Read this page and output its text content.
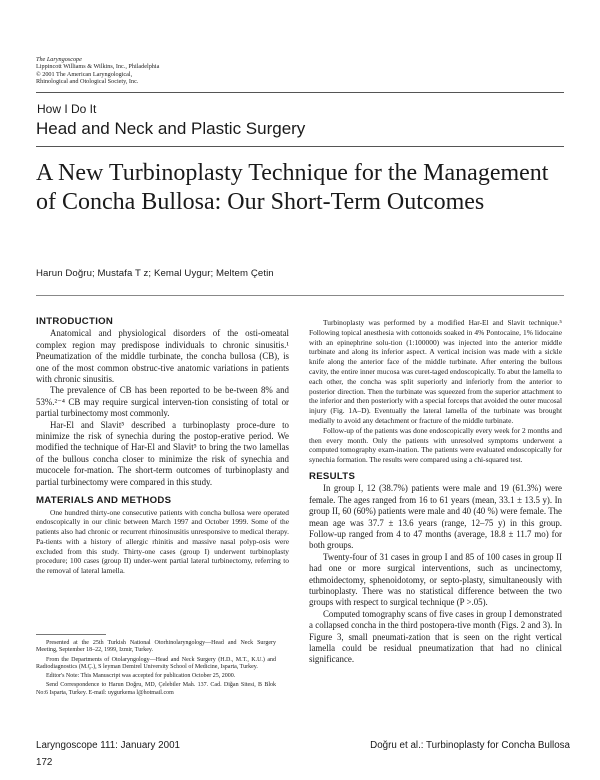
The Laryngoscope
Lippincott Williams & Wilkins, Inc., Philadelphia
© 2001 The American Laryngological,
Rhinological and Otological Society, Inc.
How I Do It
Head and Neck and Plastic Surgery
A New Turbinoplasty Technique for the Management of Concha Bullosa: Our Short-Term Outcomes
Harun Doğru; Mustafa T z; Kemal Uygur; Meltem Çetin
INTRODUCTION

Anatomical and physiological disorders of the osti-omeatal complex region may predispose individuals to chronic sinusitis.¹ Pneumatization of the middle turbinate, the concha bullosa (CB), is one of the most common obstruc-tive anatomic variations in patients with chronic sinusitis.

The prevalence of CB has been reported to be be-tween 8% and 53%.²⁻⁴ CB may require surgical interven-tion consisting of total or partial turbinectomy most commonly.

Har-El and Slavit⁵ described a turbinoplasty proce-dure to minimize the risk of synechia during the postop-erative period. We modified the technique of Har-El and Slavit⁵ to bring the two lamellas of the bullous concha closer to minimize the risk of synechia and mucocele for-mation. The short-term outcomes of turbinoplasty and partial turbinectomy were compared in this study.

MATERIALS AND METHODS

One hundred thirty-one consecutive patients with concha bullosa were operated endoscopically in our clinic between March 1997 and October 1999. Some of the patients also had chronic or recurrent rhinosinusitis unresponsive to medical therapy. Pa-tients with a history of allergic rhinitis and massive nasal polyp-osis were excluded from this study. Thirty-one cases (group I) underwent turbinoplasty procedure; 100 cases (group II) under-went partial lateral turbinectomy, referring to the removal of lateral lamella.

Turbinoplasty was performed by a modified Har-El and Slavit technique.⁵ Following topical anesthesia with cottonoids soaked in 4% Pontocaine, 1% lidocaine with an epinephrine solu-tion (1:100000) was injected into the anterior middle turbinate and along its inferior aspect. A vertical incision was made with a sickle knife along the anterior face of the middle turbinate. After entering the bullous cavity, the entire inner mucosa was curet-taged endoscopically. To abut the lamella to each other, the concha was split superiorly and inferiorly from the anterior to posterior direction. Then the turbinate was squeezed from the superior attachment to the inferior and then posteriorly with a special forceps that avoided the outer mucosal injury (Fig. 1A–D). Eventually the lateral lamella of the turbinate was brought medially to avoid any detachment or fracture of the middle turbinate.

Follow-up of the patients was done endoscopically every week for 2 months and then every month. Only the patients with unresolved symptoms underwent a computed tomography exam-ination. The patients were evaluated endoscopically for synechia formation. The results were compared using a chi-squared test.

RESULTS

In group I, 12 (38.7%) patients were male and 19 (61.3%) were female. The ages ranged from 16 to 61 years (mean, 33.1 ± 13.5 y). In group II, 60 (60%) patients were male and 40 (40 %) were female. The mean age was 37.7 ± 13.6 years (range, 12–75 y) in this group. Follow-up ranged from 4 to 47 months (average, 18.8 ± 11.7 mo) for both groups.

Twenty-four of 31 cases in group I and 85 of 100 cases in group II had one or more surgical interventions, such as uncinectomy, ethmoidectomy, sphenoidotomy, or septo-plasty, simultaneously with turbinoplasty. There was no statistical difference between the two groups with respect to surgical technique (P >.05).

Computed tomography scans of five cases in group I demonstrated a collapsed concha in the third postopera-tive month (Figs. 2 and 3). In Figure 3, small pneumati-zation that is seen on the right vertical lamella could be residual pneumatization that had no clinical significance.

Presented at the 25th Turkish National Otorhinolaryngology—Head and Neck Surgery Meeting, September 18–22, 1999, Izmir, Turkey.

From the Departments of Otolaryngology—Head and Neck Surgery (H.D., M.T., K.U.) and Radiodiagnostics (M.Ç.), S leyman Demirel University School of Medicine, Isparta, Turkey.

Editor's Note: This Manuscript was accepted for publication October 25, 2000.

Send Correspondence to Harun Doğru, MD, Çelebiler Mah. 137. Cad. Diğan Sitesi, B Blok No:6 Isparta, Turkey. E-mail: uygurkema l@hotmail.com

Laryngoscope 111: January 2001
172
Doğru et al.: Turbinoplasty for Concha Bullosa
